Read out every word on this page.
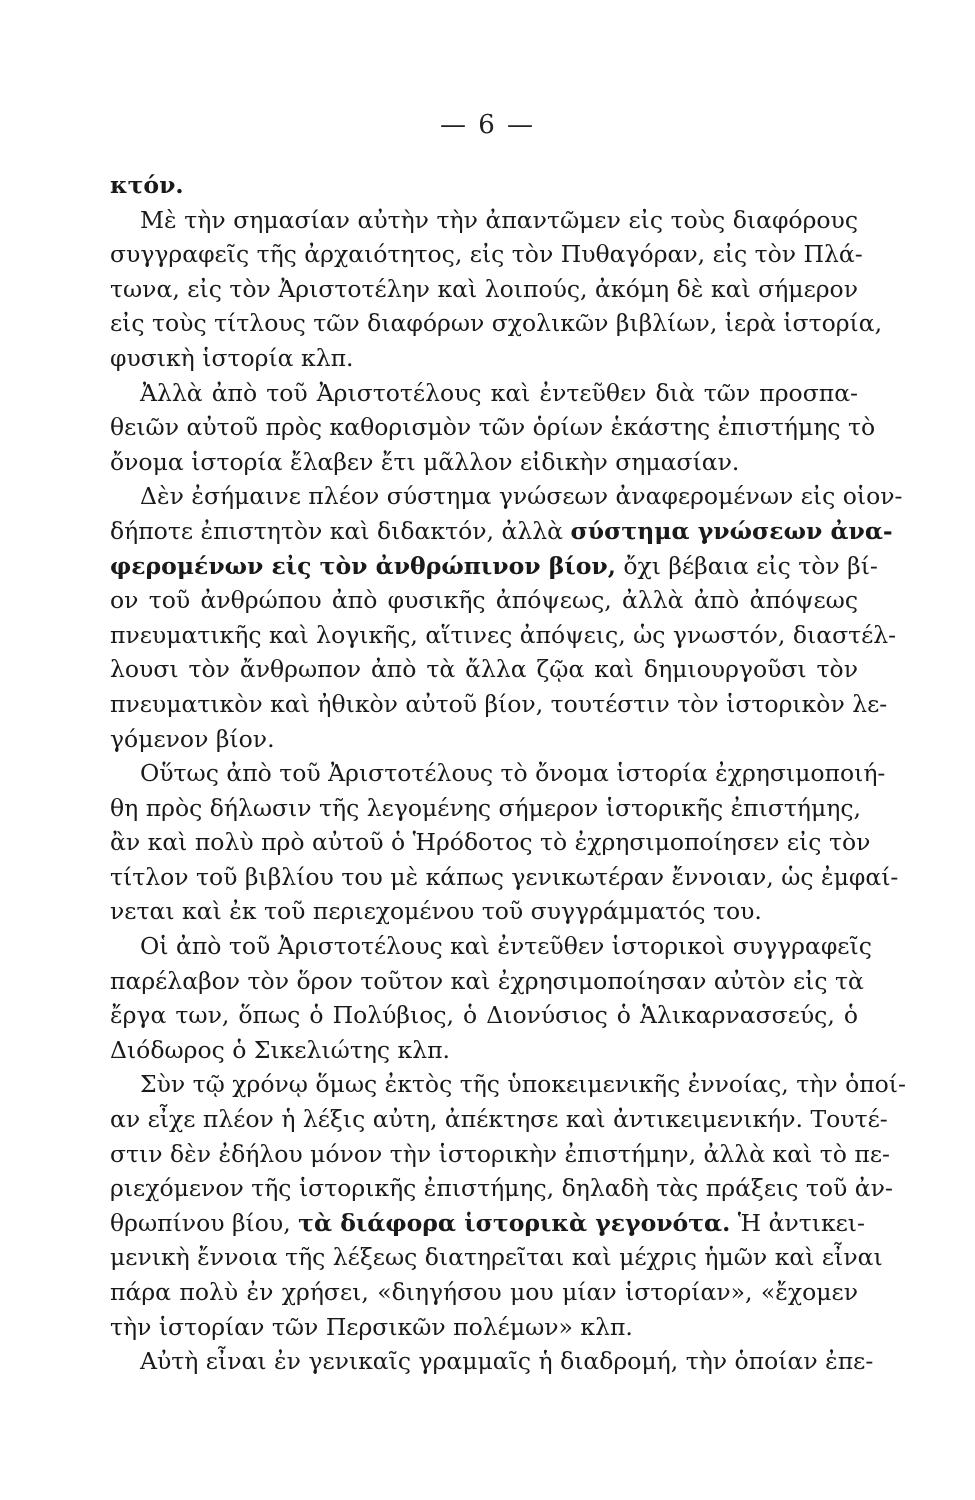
— 6 —
κτόν.
Μὲ τὴν σημασίαν αὐτὴν τὴν ἀπαντῶμεν εἰς τοὺς διαφόρους
συγγραφεῖς τῆς ἀρχαιότητος, εἰς τὸν Πυθαγόραν, εἰς τὸν Πλά-
τωνα, εἰς τὸν Ἀριστοτέλην καὶ λοιπούς, ἀκόμη δὲ καὶ σήμερον
εἰς τοὺς τίτλους τῶν διαφόρων σχολικῶν βιβλίων, ἱερὰ ἱστορία,
φυσικὴ ἱστορία κλπ.
Ἀλλὰ ἀπὸ τοῦ Ἀριστοτέλους καὶ ἐντεῦθεν διὰ τῶν προσπα-
θειῶν αὐτοῦ πρὸς καθορισμὸν τῶν ὁρίων ἑκάστης ἐπιστήμης τὸ
ὄνομα ἱστορία ἔλαβεν ἔτι μᾶλλον εἰδικὴν σημασίαν.
Δὲν ἐσήμαινε πλέον σύστημα γνώσεων ἀναφερομένων εἰς οἱον-
δήποτε ἐπιστητὸν καὶ διδακτόν, ἀλλὰ σύστημα γνώσεων ἀνα-
φερομένων εἰς τὸν ἀνθρώπινον βίον, ὄχι βέβαια εἰς τὸν βί-
ον τοῦ ἀνθρώπου ἀπὸ φυσικῆς ἀπόψεως, ἀλλὰ ἀπὸ ἀπόψεως
πνευματικῆς καὶ λογικῆς, αἵτινες ἀπόψεις, ὡς γνωστόν, διαστέλ-
λουσι τὸν ἄνθρωπον ἀπὸ τὰ ἄλλα ζῷα καὶ δημιουργοῦσι τὸν
πνευματικὸν καὶ ἠθικὸν αὐτοῦ βίον, τουτέστιν τὸν ἱστορικὸν λε-
γόμενον βίον.
Οὕτως ἀπὸ τοῦ Ἀριστοτέλους τὸ ὄνομα ἱστορία ἐχρησιμοποιή-
θη πρὸς δήλωσιν τῆς λεγομένης σήμερον ἱστορικῆς ἐπιστήμης,
ἂν καὶ πολὺ πρὸ αὐτοῦ ὁ Ἡρόδοτος τὸ ἐχρησιμοποίησεν εἰς τὸν
τίτλον τοῦ βιβλίου του μὲ κάπως γενικωτέραν ἔννοιαν, ὡς ἐμφαί-
νεται καὶ ἐκ τοῦ περιεχομένου τοῦ συγγράμματός του.
Οἱ ἀπὸ τοῦ Ἀριστοτέλους καὶ ἐντεῦθεν ἱστορικοὶ συγγραφεῖς
παρέλαβον τὸν ὅρον τοῦτον καὶ ἐχρησιμοποίησαν αὐτὸν εἰς τὰ
ἔργα των, ὅπως ὁ Πολύβιος, ὁ Διονύσιος ὁ Ἁλικαρνασσεύς, ὁ
Διόδωρος ὁ Σικελιώτης κλπ.
Σὺν τῷ χρόνῳ ὅμως ἐκτὸς τῆς ὑποκειμενικῆς ἐννοίας, τὴν ὁποί-
αν εἶχε πλέον ἡ λέξις αὐτη, ἀπέκτησε καὶ ἀντικειμενικήν. Τουτέ-
στιν δὲν ἐδήλου μόνον τὴν ἱστορικὴν ἐπιστήμην, ἀλλὰ καὶ τὸ πε-
ριεχόμενον τῆς ἱστορικῆς ἐπιστήμης, δηλαδὴ τὰς πράξεις τοῦ ἀν-
θρωπίνου βίου, τὰ διάφορα ἱστορικὰ γεγονότα. Ἡ ἀντικει-
μενικὴ ἔννοια τῆς λέξεως διατηρεῖται καὶ μέχρις ἡμῶν καὶ εἶναι
πάρα πολὺ ἐν χρήσει, «διηγήσου μου μίαν ἱστορίαν», «ἔχομεν
τὴν ἱστορίαν τῶν Περσικῶν πολέμων» κλπ.
Αὐτὴ εἶναι ἐν γενικαῖς γραμμαῖς ἡ διαδρομή, τὴν ὁποίαν ἐπε-
